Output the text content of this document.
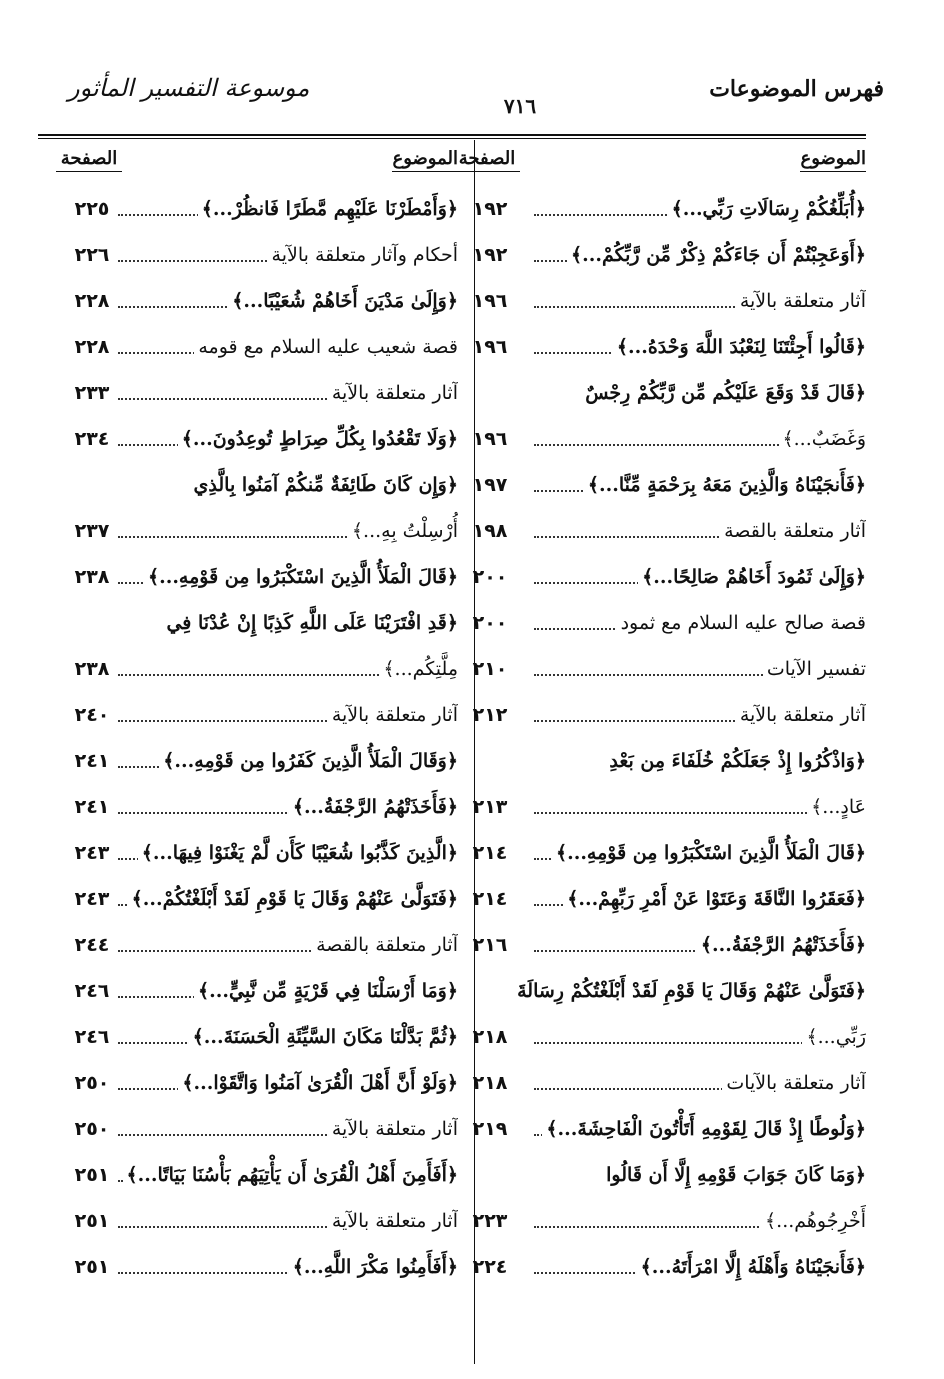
فهرس الموضوعات
٧١٦
موسوعة التفسير المأثور
الموضوع
الصفحة
﴿أُبَلِّغُكُمْ رِسَالَاتِ رَبِّي...﴾
١٩٢
﴿أَوَعَجِبْتُمْ أَن جَاءَكُمْ ذِكْرٌ مِّن رَّبِّكُمْ...﴾
١٩٢
آثار متعلقة بالآية
١٩٦
﴿قَالُوا أَجِئْتَنَا لِنَعْبُدَ اللَّهَ وَحْدَهُ...﴾
١٩٦
﴿قَالَ قَدْ وَقَعَ عَلَيْكُم مِّن رَّبِّكُمْ رِجْسٌ
وَغَضَبٌ...﴾
١٩٦
﴿فَأَنجَيْنَاهُ وَالَّذِينَ مَعَهُ بِرَحْمَةٍ مِّنَّا...﴾
١٩٧
آثار متعلقة بالقصة
١٩٨
﴿وَإِلَىٰ ثَمُودَ أَخَاهُمْ صَالِحًا...﴾
٢٠٠
قصة صالح عليه السلام مع ثمود
٢٠٠
تفسير الآيات
٢١٠
آثار متعلقة بالآية
٢١٢
﴿وَاذْكُرُوا إِذْ جَعَلَكُمْ خُلَفَاءَ مِن بَعْدِ
عَادٍ...﴾
٢١٣
﴿قَالَ الْمَلَأُ الَّذِينَ اسْتَكْبَرُوا مِن قَوْمِهِ...﴾
٢١٤
﴿فَعَقَرُوا النَّاقَةَ وَعَتَوْا عَنْ أَمْرِ رَبِّهِمْ...﴾
٢١٤
﴿فَأَخَذَتْهُمُ الرَّجْفَةُ...﴾
٢١٦
﴿فَتَوَلَّىٰ عَنْهُمْ وَقَالَ يَا قَوْمِ لَقَدْ أَبْلَغْتُكُمْ رِسَالَةَ
رَبِّي...﴾
٢١٨
آثار متعلقة بالآيات
٢١٨
﴿وَلُوطًا إِذْ قَالَ لِقَوْمِهِ أَتَأْتُونَ الْفَاحِشَةَ...﴾
٢١٩
﴿وَمَا كَانَ جَوَابَ قَوْمِهِ إِلَّا أَن قَالُوا
أَخْرِجُوهُم...﴾
٢٢٣
﴿فَأَنجَيْنَاهُ وَأَهْلَهُ إِلَّا امْرَأَتَهُ...﴾
٢٢٤
الموضوع
الصفحة
﴿وَأَمْطَرْنَا عَلَيْهِم مَّطَرًا فَانظُرْ...﴾
٢٢٥
أحكام وآثار متعلقة بالآية
٢٢٦
﴿وَإِلَىٰ مَدْيَنَ أَخَاهُمْ شُعَيْبًا...﴾
٢٢٨
قصة شعيب عليه السلام مع قومه
٢٢٨
آثار متعلقة بالآية
٢٣٣
﴿وَلَا تَقْعُدُوا بِكُلِّ صِرَاطٍ تُوعِدُونَ...﴾
٢٣٤
﴿وَإِن كَانَ طَائِفَةٌ مِّنكُمْ آمَنُوا بِالَّذِي
أُرْسِلْتُ بِهِ...﴾
٢٣٧
﴿قَالَ الْمَلَأُ الَّذِينَ اسْتَكْبَرُوا مِن قَوْمِهِ...﴾
٢٣٨
﴿قَدِ افْتَرَيْنَا عَلَى اللَّهِ كَذِبًا إِنْ عُدْنَا فِي
مِلَّتِكُم...﴾
٢٣٨
آثار متعلقة بالآية
٢٤٠
﴿وَقَالَ الْمَلَأُ الَّذِينَ كَفَرُوا مِن قَوْمِهِ...﴾
٢٤١
﴿فَأَخَذَتْهُمُ الرَّجْفَةُ...﴾
٢٤١
﴿الَّذِينَ كَذَّبُوا شُعَيْبًا كَأَن لَّمْ يَغْنَوْا فِيهَا...﴾
٢٤٣
﴿فَتَوَلَّىٰ عَنْهُمْ وَقَالَ يَا قَوْمِ لَقَدْ أَبْلَغْتُكُمْ...﴾
٢٤٣
آثار متعلقة بالقصة
٢٤٤
﴿وَمَا أَرْسَلْنَا فِي قَرْيَةٍ مِّن نَّبِيٍّ...﴾
٢٤٦
﴿ثُمَّ بَدَّلْنَا مَكَانَ السَّيِّئَةِ الْحَسَنَةَ...﴾
٢٤٦
﴿وَلَوْ أَنَّ أَهْلَ الْقُرَىٰ آمَنُوا وَاتَّقَوْا...﴾
٢٥٠
آثار متعلقة بالآية
٢٥٠
﴿أَفَأَمِنَ أَهْلُ الْقُرَىٰ أَن يَأْتِيَهُم بَأْسُنَا بَيَاتًا...﴾
٢٥١
آثار متعلقة بالآية
٢٥١
﴿أَفَأَمِنُوا مَكْرَ اللَّهِ...﴾
٢٥١
